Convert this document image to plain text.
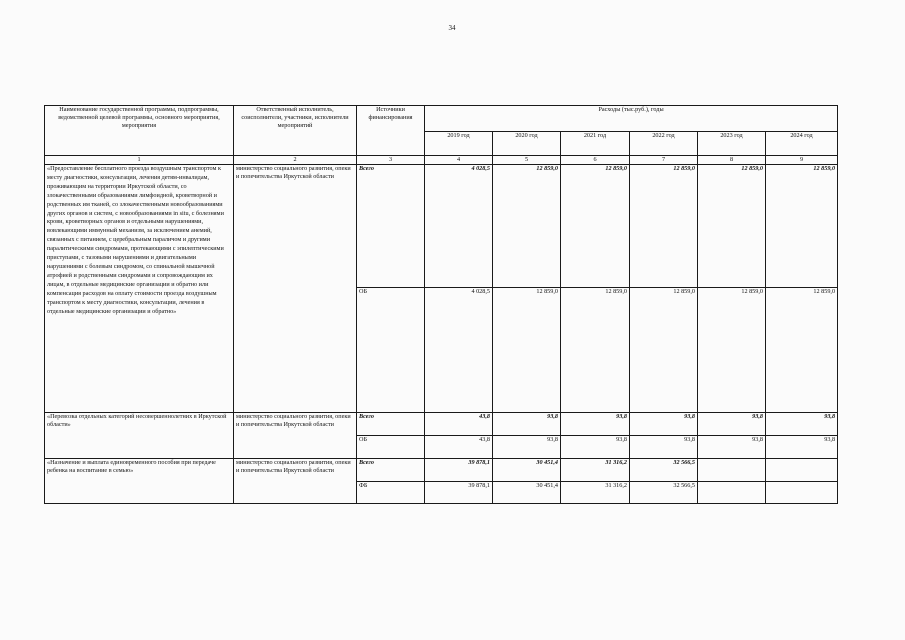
34
Наименование государственной программы, подпрограммы, ведомственной целевой программы, основного мероприятия, мероприятия	Ответственный исполнитель, соисполнители, участники, исполнители мероприятий	Источники финансирования	Расходы (тыс.руб.), годы					
			2019 год	2020 год	2021 год	2022 год	2023 год	2024 год
1	2	3	4	5	6	7	8	9
«Предоставление бесплатного проезда воздушным транспортом к месту диагностики, консультации, лечения детям-инвалидам, проживающим на территории Иркутской области, со злокачественными образованиями лимфоидной, кроветворной и родственных им тканей, со злокачественными новообразованиями других органов и систем, с новообразованиями in situ, с болезнями крови, кроветворных органов и отдельными нарушениями, вовлекающими иммунный механизм, за исключением анемий, связанных с питанием, с церебральным параличом и другими паралитическими синдромами, протекающими с эпилептическими приступами, с тазовыми нарушениями и двигательными нарушениями с болевым синдромом, со спинальной мышечной атрофией и родственными синдромами и сопровождающим их лицам, в отдельные медицинские организации и обратно или компенсация расходов на оплату стоимости проезда воздушным транспортом к месту диагностики, консультации, лечения в отдельные медицинские организации и обратно»	министерство социального развития, опеки и попечительства Иркутской области	Всего	4 028,5	12 859,0	12 859,0	12 859,0	12 859,0	12 859,0
		ОБ	4 028,5	12 859,0	12 859,0	12 859,0	12 859,0	12 859,0
«Перевозка отдельных категорий несовершеннолетних в Иркутской области»	министерство социального развития, опеки и попечительства Иркутской области	Всего	43,8	93,8	93,8	93,8	93,8	93,8
		ОБ	43,8	93,8	93,8	93,8	93,8	93,8
«Назначение и выплата единовременного пособия при передаче ребенка на воспитание в семью»	министерство социального развития, опеки и попечительства Иркутской области	Всего	39 878,1	30 451,4	31 316,2	32 566,5		
		ФБ	39 878,1	30 451,4	31 316,2	32 566,5		
